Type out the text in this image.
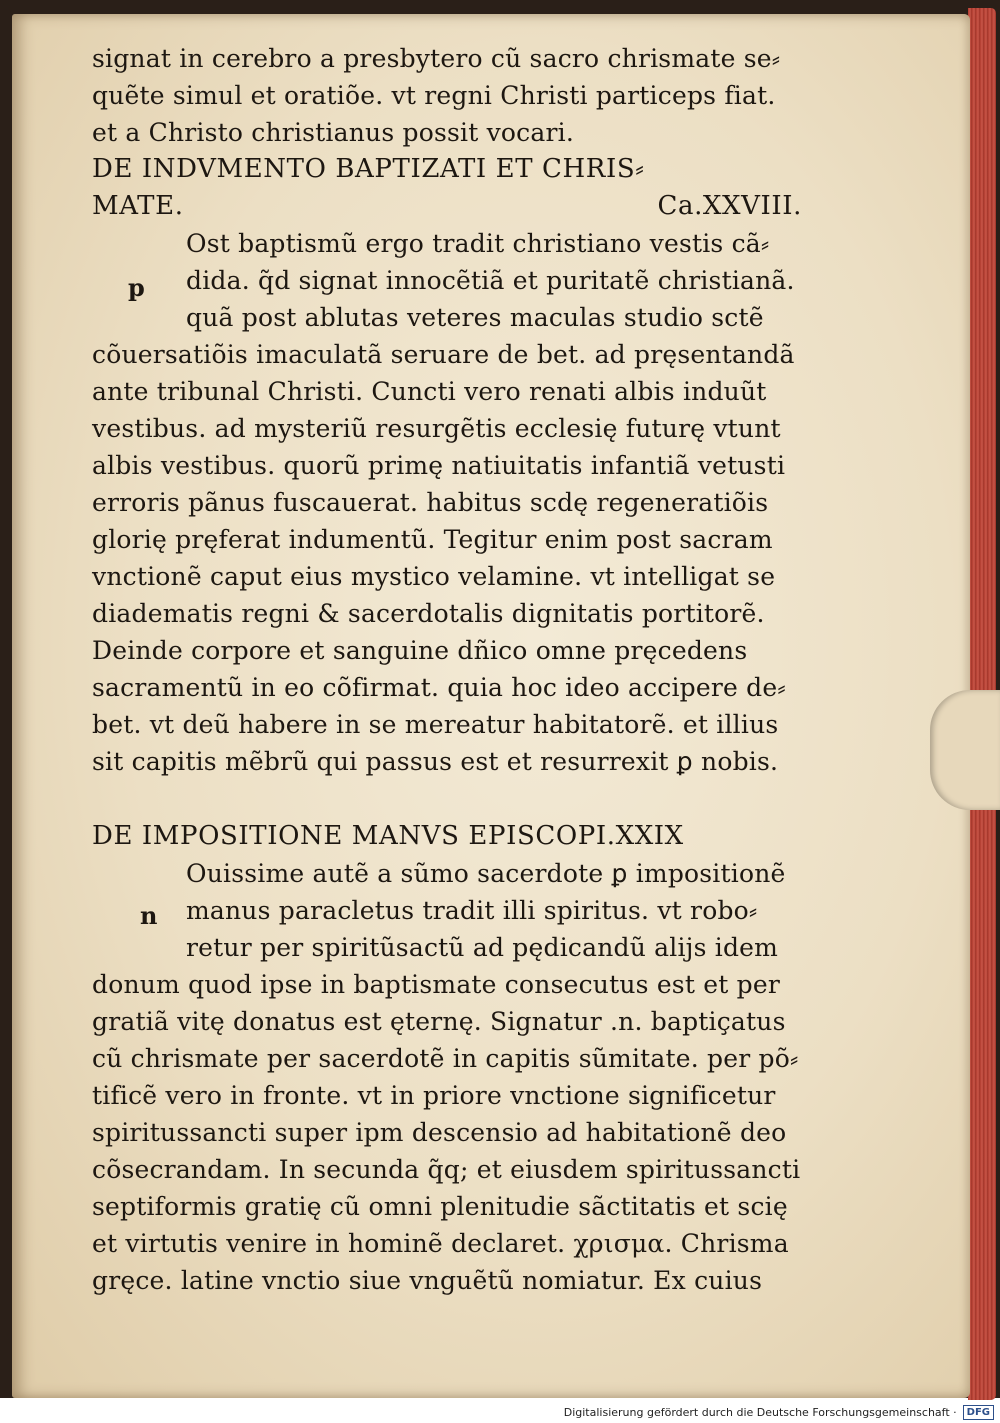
signat in cerebro a presbytero cũ sacro chrismate se⸗
quẽte simul et oratiõe. vt regni Christi particeps fiat.
et a Christo christianus possit vocari.
DE INDVMENTO BAPTIZATI ET CHRIS⸗
MATE.	Ca.XXVIII.
p
Ost baptismũ ergo tradit christiano vestis cã⸗
dida. q̃d signat innocẽtiã et puritatẽ christianã.
quã post ablutas veteres maculas studio sctẽ
cõuersatiõis imaculatã seruare de bet. ad pręsentandã
ante tribunal Christi. Cuncti vero renati albis induũt
vestibus. ad mysteriũ resurgẽtis ecclesię futurę vtunt
albis vestibus. quorũ primę natiuitatis infantiã vetusti
erroris pãnus fuscauerat. habitus scdę regeneratiõis
glorię pręferat indumentũ. Tegitur enim post sacram
vnctionẽ caput eius mystico velamine. vt intelligat se
diadematis regni & sacerdotalis dignitatis portitorẽ.
Deinde corpore et sanguine dñico omne pręcedens
sacramentũ in eo cõfirmat. quia hoc ideo accipere de⸗
bet. vt deũ habere in se mereatur habitatorẽ. et illius
sit capitis mẽbrũ qui passus est et resurrexit ꝑ nobis.
DE IMPOSITIONE MANVS EPISCOPI.XXIX
n
Ouissime autẽ a sũmo sacerdote ꝑ impositionẽ
manus paracletus tradit illi spiritus. vt robo⸗
retur per spiritũsactũ ad pędicandũ alijs idem
donum quod ipse in baptismate consecutus est et per
gratiã vitę donatus est ęternę. Signatur .n. baptiçatus
cũ chrismate per sacerdotẽ in capitis sũmitate. per põ⸗
tificẽ vero in fronte. vt in priore vnctione significetur
spiritussancti super ipm descensio ad habitationẽ deo
cõsecrandam. In secunda q̃q; et eiusdem spiritussancti
septiformis gratię cũ omni plenitudie sãctitatis et scię
et virtutis venire in hominẽ declaret. χρισμα. Chrisma
gręce. latine vnctio siue vnguẽtũ nomiatur. Ex cuius
Digitalisierung gefördert durch die Deutsche Forschungsgemeinschaft ·	DFG
